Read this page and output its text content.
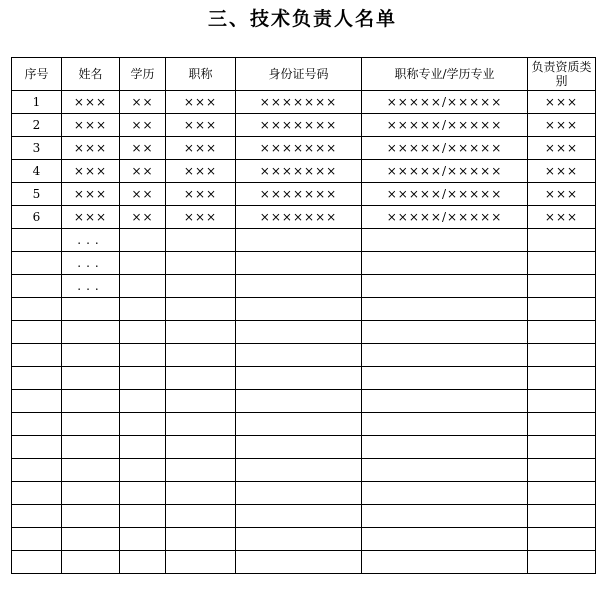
三、技术负责人名单
序号	姓名	学历	职称	身份证号码	职称专业/学历专业	负责资质类别
1	×××	××	×××	×××××××	×××××/×××××	×××
2	×××	××	×××	×××××××	×××××/×××××	×××
3	×××	××	×××	×××××××	×××××/×××××	×××
4	×××	××	×××	×××××××	×××××/×××××	×××
5	×××	××	×××	×××××××	×××××/×××××	×××
6	×××	××	×××	×××××××	×××××/×××××	×××
	...					
	...					
	...					
